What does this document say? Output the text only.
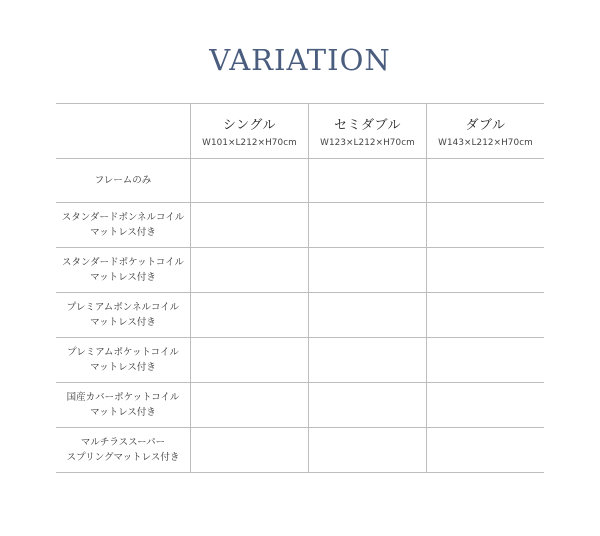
VARIATION
シングル
W101×L212×H70cm
セミダブル
W123×L212×H70cm
ダブル
W143×L212×H70cm
フレームのみ
スタンダードボンネルコイル
マットレス付き
スタンダードポケットコイル
マットレス付き
プレミアムボンネルコイル
マットレス付き
プレミアムポケットコイル
マットレス付き
国産カバーポケットコイル
マットレス付き
マルチラススーパー
スプリングマットレス付き
